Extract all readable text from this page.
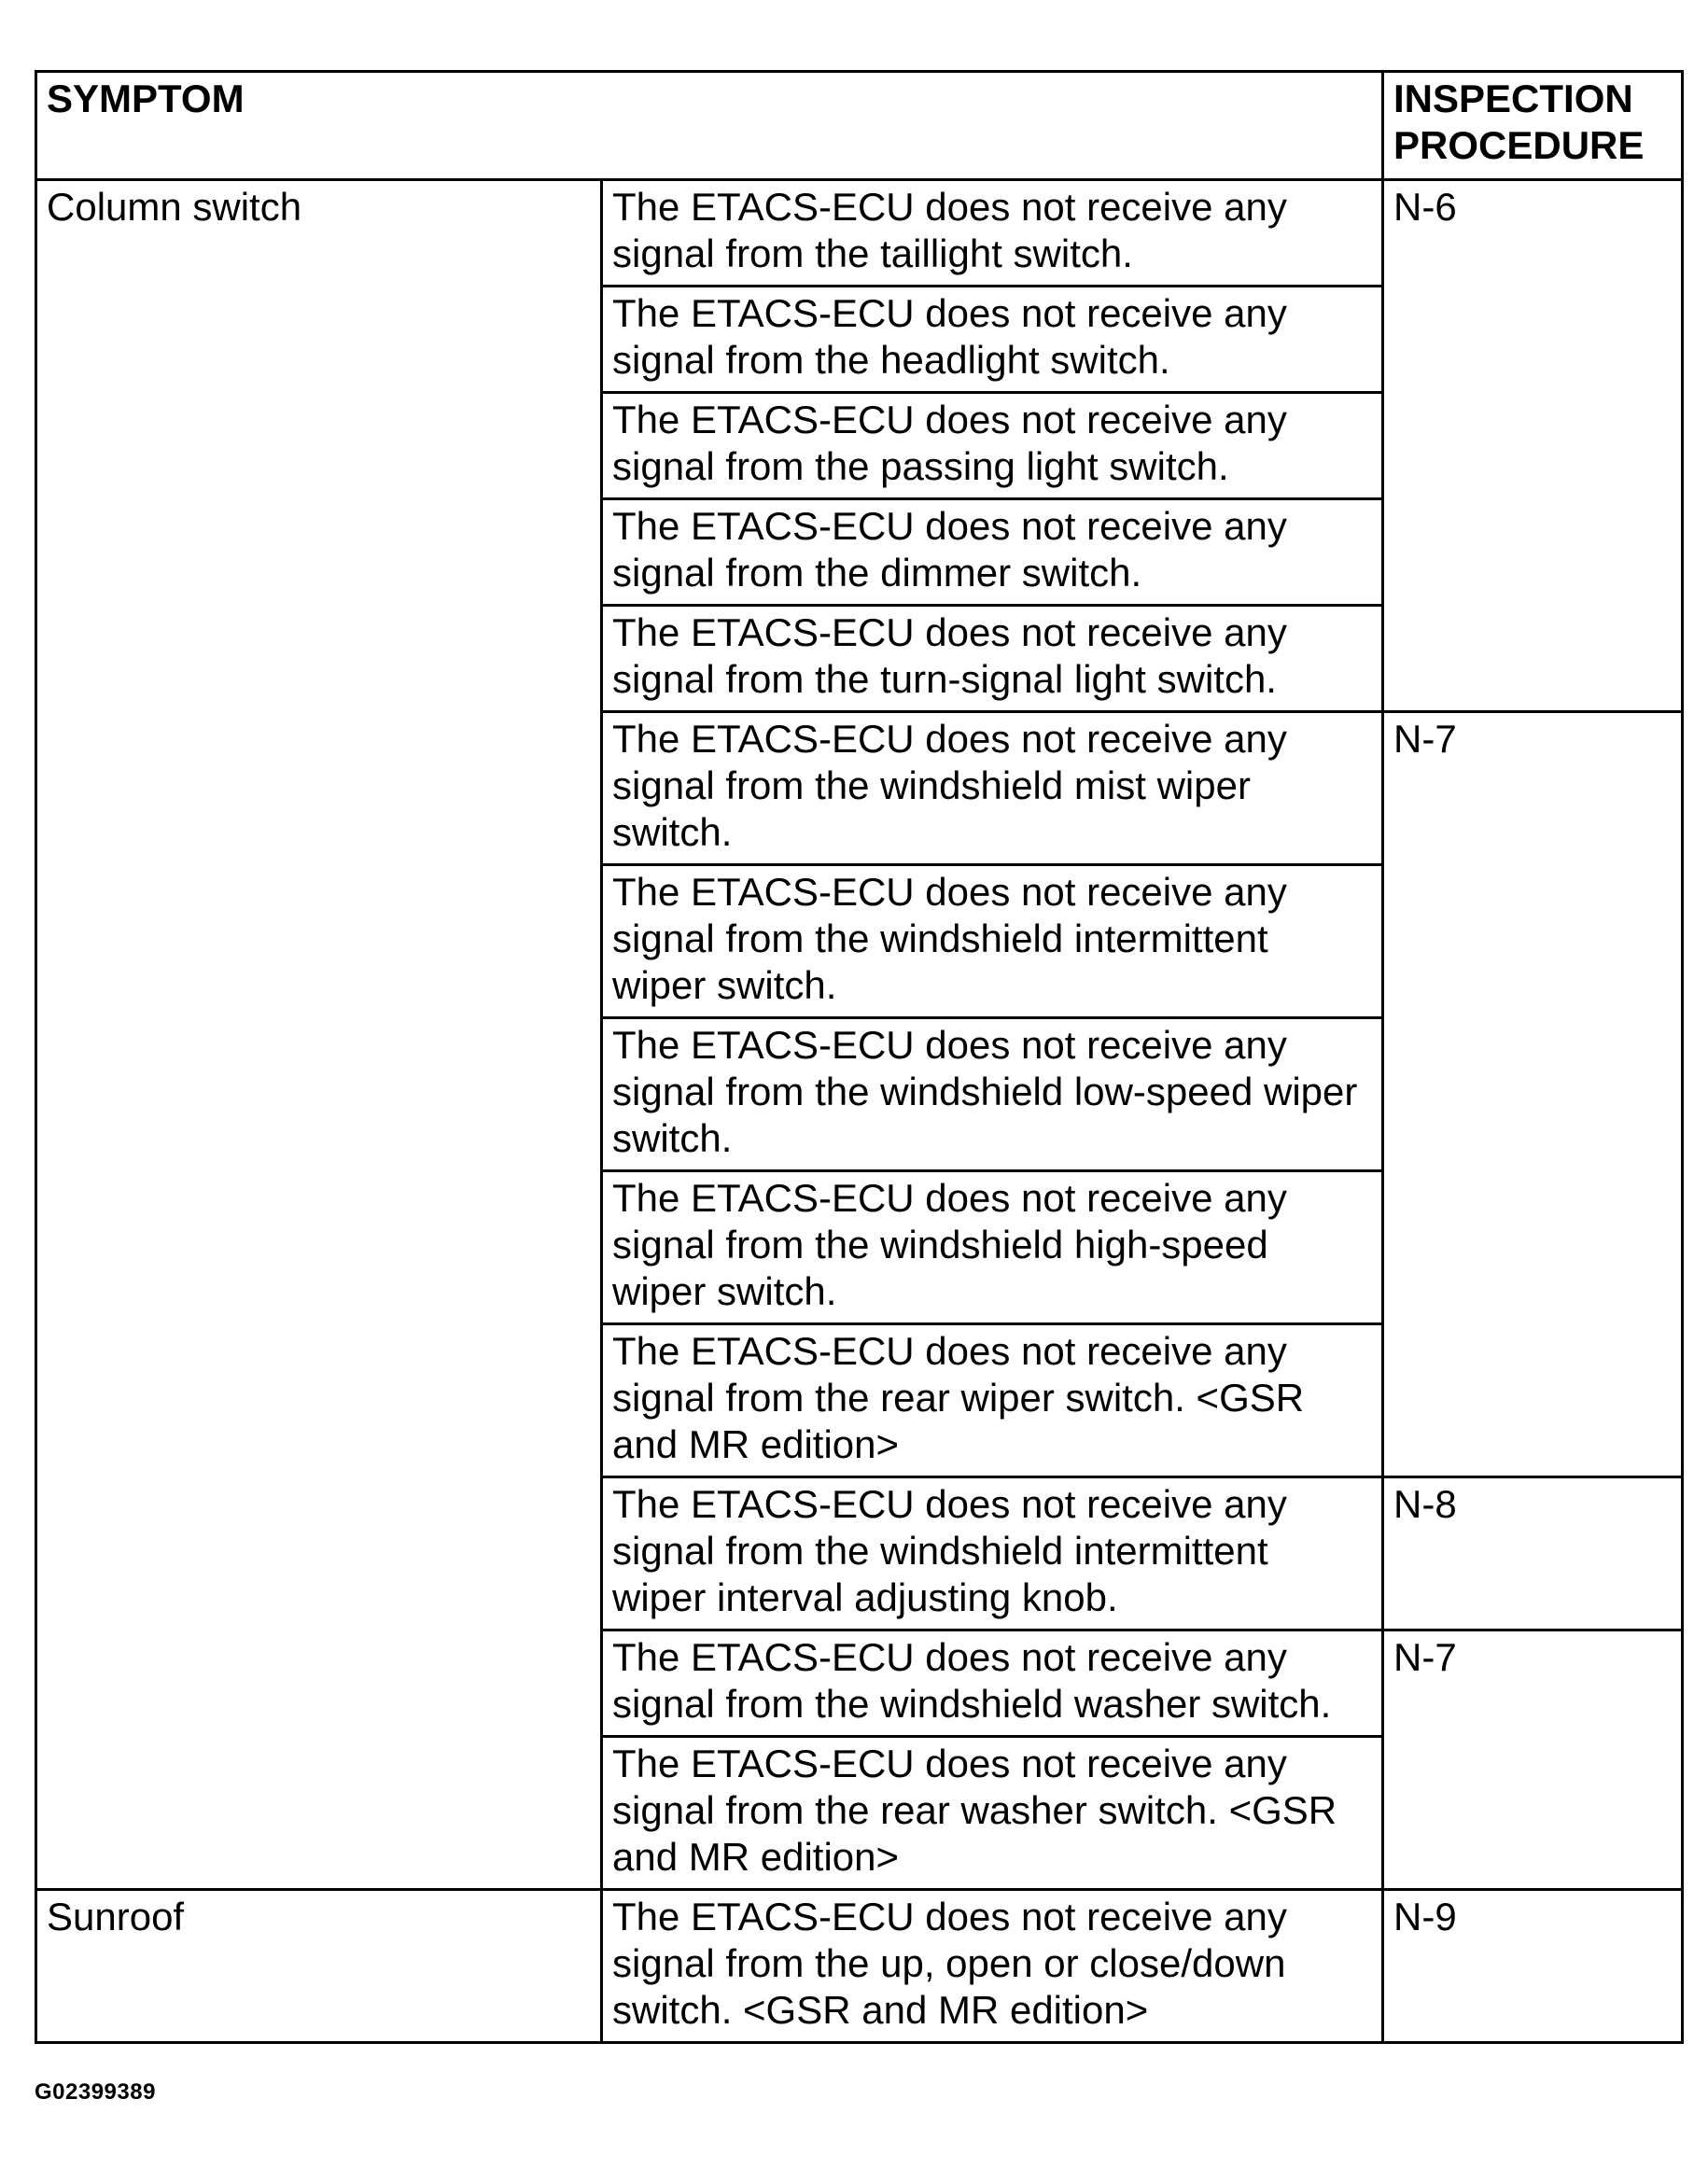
SYMPTOM		INSPECTION
PROCEDURE
Column switch	The ETACS-ECU does not receive any
signal from the taillight switch.	N-6
	The ETACS-ECU does not receive any
signal from the headlight switch.	
	The ETACS-ECU does not receive any
signal from the passing light switch.	
	The ETACS-ECU does not receive any
signal from the dimmer switch.	
	The ETACS-ECU does not receive any
signal from the turn-signal light switch.	
	The ETACS-ECU does not receive any
signal from the windshield mist wiper
switch.	N-7
	The ETACS-ECU does not receive any
signal from the windshield intermittent
wiper switch.	
	The ETACS-ECU does not receive any
signal from the windshield low-speed wiper
switch.	
	The ETACS-ECU does not receive any
signal from the windshield high-speed
wiper switch.	
	The ETACS-ECU does not receive any
signal from the rear wiper switch. <GSR
and MR edition>	
	The ETACS-ECU does not receive any
signal from the windshield intermittent
wiper interval adjusting knob.	N-8
	The ETACS-ECU does not receive any
signal from the windshield washer switch.	N-7
	The ETACS-ECU does not receive any
signal from the rear washer switch. <GSR
and MR edition>	
Sunroof	The ETACS-ECU does not receive any
signal from the up, open or close/down
switch. <GSR and MR edition>	N-9
G02399389
